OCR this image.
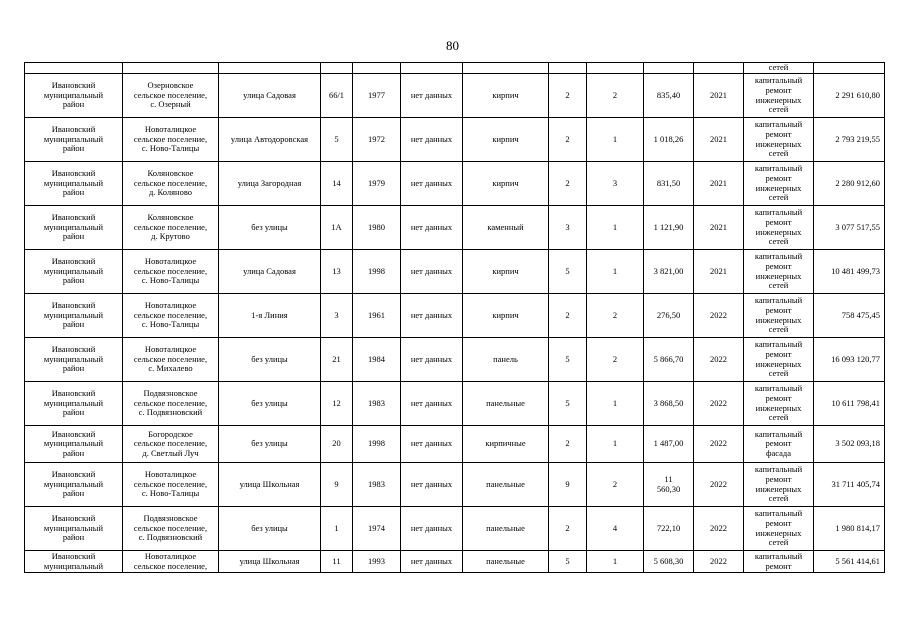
80
											сетей	
Ивановский
муниципальный
район	Озерновское
сельское поселение,
с. Озерный	улица Садовая	66/1	1977	нет данных	кирпич	2	2	835,40	2021	капитальный
ремонт
инженерных
сетей	2 291 610,80
Ивановский
муниципальный
район	Новоталицкое
сельское поселение,
с. Ново-Талицы	улица Автодоровская	5	1972	нет данных	кирпич	2	1	1 018,26	2021	капитальный
ремонт
инженерных
сетей	2 793 219,55
Ивановский
муниципальный
район	Коляновское
сельское поселение,
д. Коляново	улица Загородная	14	1979	нет данных	кирпич	2	3	831,50	2021	капитальный
ремонт
инженерных
сетей	2 280 912,60
Ивановский
муниципальный
район	Коляновское
сельское поселение,
д. Крутово	без улицы	1А	1980	нет данных	каменный	3	1	1 121,90	2021	капитальный
ремонт
инженерных
сетей	3 077 517,55
Ивановский
муниципальный
район	Новоталицкое
сельское поселение,
с. Ново-Талицы	улица Садовая	13	1998	нет данных	кирпич	5	1	3 821,00	2021	капитальный
ремонт
инженерных
сетей	10 481 499,73
Ивановский
муниципальный
район	Новоталицкое
сельское поселение,
с. Ново-Талицы	1-я Линия	3	1961	нет данных	кирпич	2	2	276,50	2022	капитальный
ремонт
инженерных
сетей	758 475,45
Ивановский
муниципальный
район	Новоталицкое
сельское поселение,
с. Михалево	без улицы	21	1984	нет данных	панель	5	2	5 866,70	2022	капитальный
ремонт
инженерных
сетей	16 093 120,77
Ивановский
муниципальный
район	Подвязновское
сельское поселение,
с. Подвязновский	без улицы	12	1983	нет данных	панельные	5	1	3 868,50	2022	капитальный
ремонт
инженерных
сетей	10 611 798,41
Ивановский
муниципальный
район	Богородское
сельское поселение,
д. Светлый Луч	без улицы	20	1998	нет данных	кирпичные	2	1	1 487,00	2022	капитальный
ремонт
фасада	3 502 093,18
Ивановский
муниципальный
район	Новоталицкое
сельское поселение,
с. Ново-Талицы	улица Школьная	9	1983	нет данных	панельные	9	2	11
560,30	2022	капитальный
ремонт
инженерных
сетей	31 711 405,74
Ивановский
муниципальный
район	Подвязновское
сельское поселение,
с. Подвязновский	без улицы	1	1974	нет данных	панельные	2	4	722,10	2022	капитальный
ремонт
инженерных
сетей	1 980 814,17
Ивановский
муниципальный	Новоталицкое
сельское поселение,	улица Школьная	11	1993	нет данных	панельные	5	1	5 608,30	2022	капитальный
ремонт	5 561 414,61
